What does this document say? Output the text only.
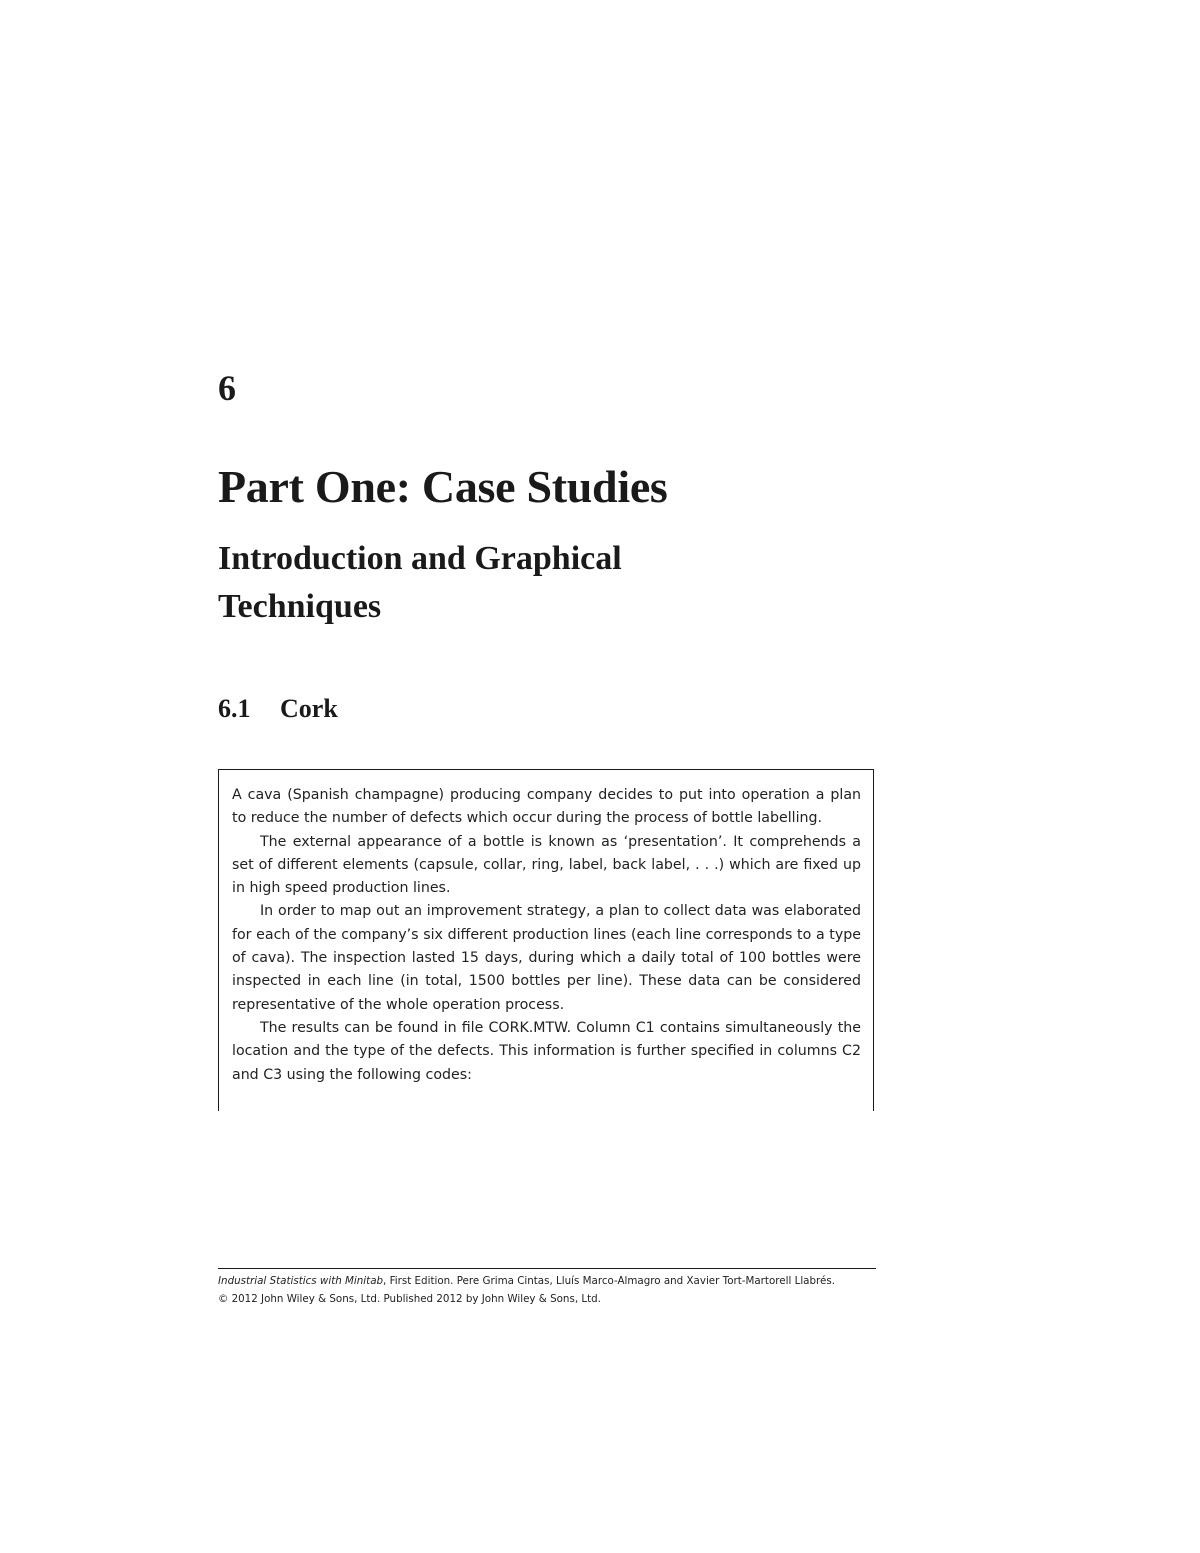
6
Part One: Case Studies
Introduction and Graphical
Techniques
6.1 Cork

A cava (Spanish champagne) producing company decides to put into operation a plan to reduce the number of defects which occur during the process of bottle labelling.

The external appearance of a bottle is known as ‘presentation’. It comprehends a set of different elements (capsule, collar, ring, label, back label, . . .) which are fixed up in high speed production lines.

In order to map out an improvement strategy, a plan to collect data was elaborated for each of the company’s six different production lines (each line corresponds to a type of cava). The inspection lasted 15 days, during which a daily total of 100 bottles were inspected in each line (in total, 1500 bottles per line). These data can be considered representative of the whole operation process.

The results can be found in file CORK.MTW. Column C1 contains simultaneously the location and the type of the defects. This information is further specified in columns C2 and C3 using the following codes:

Industrial Statistics with Minitab, First Edition. Pere Grima Cintas, Lluís Marco-Almagro and Xavier Tort-Martorell Llabrés.
© 2012 John Wiley & Sons, Ltd. Published 2012 by John Wiley & Sons, Ltd.
